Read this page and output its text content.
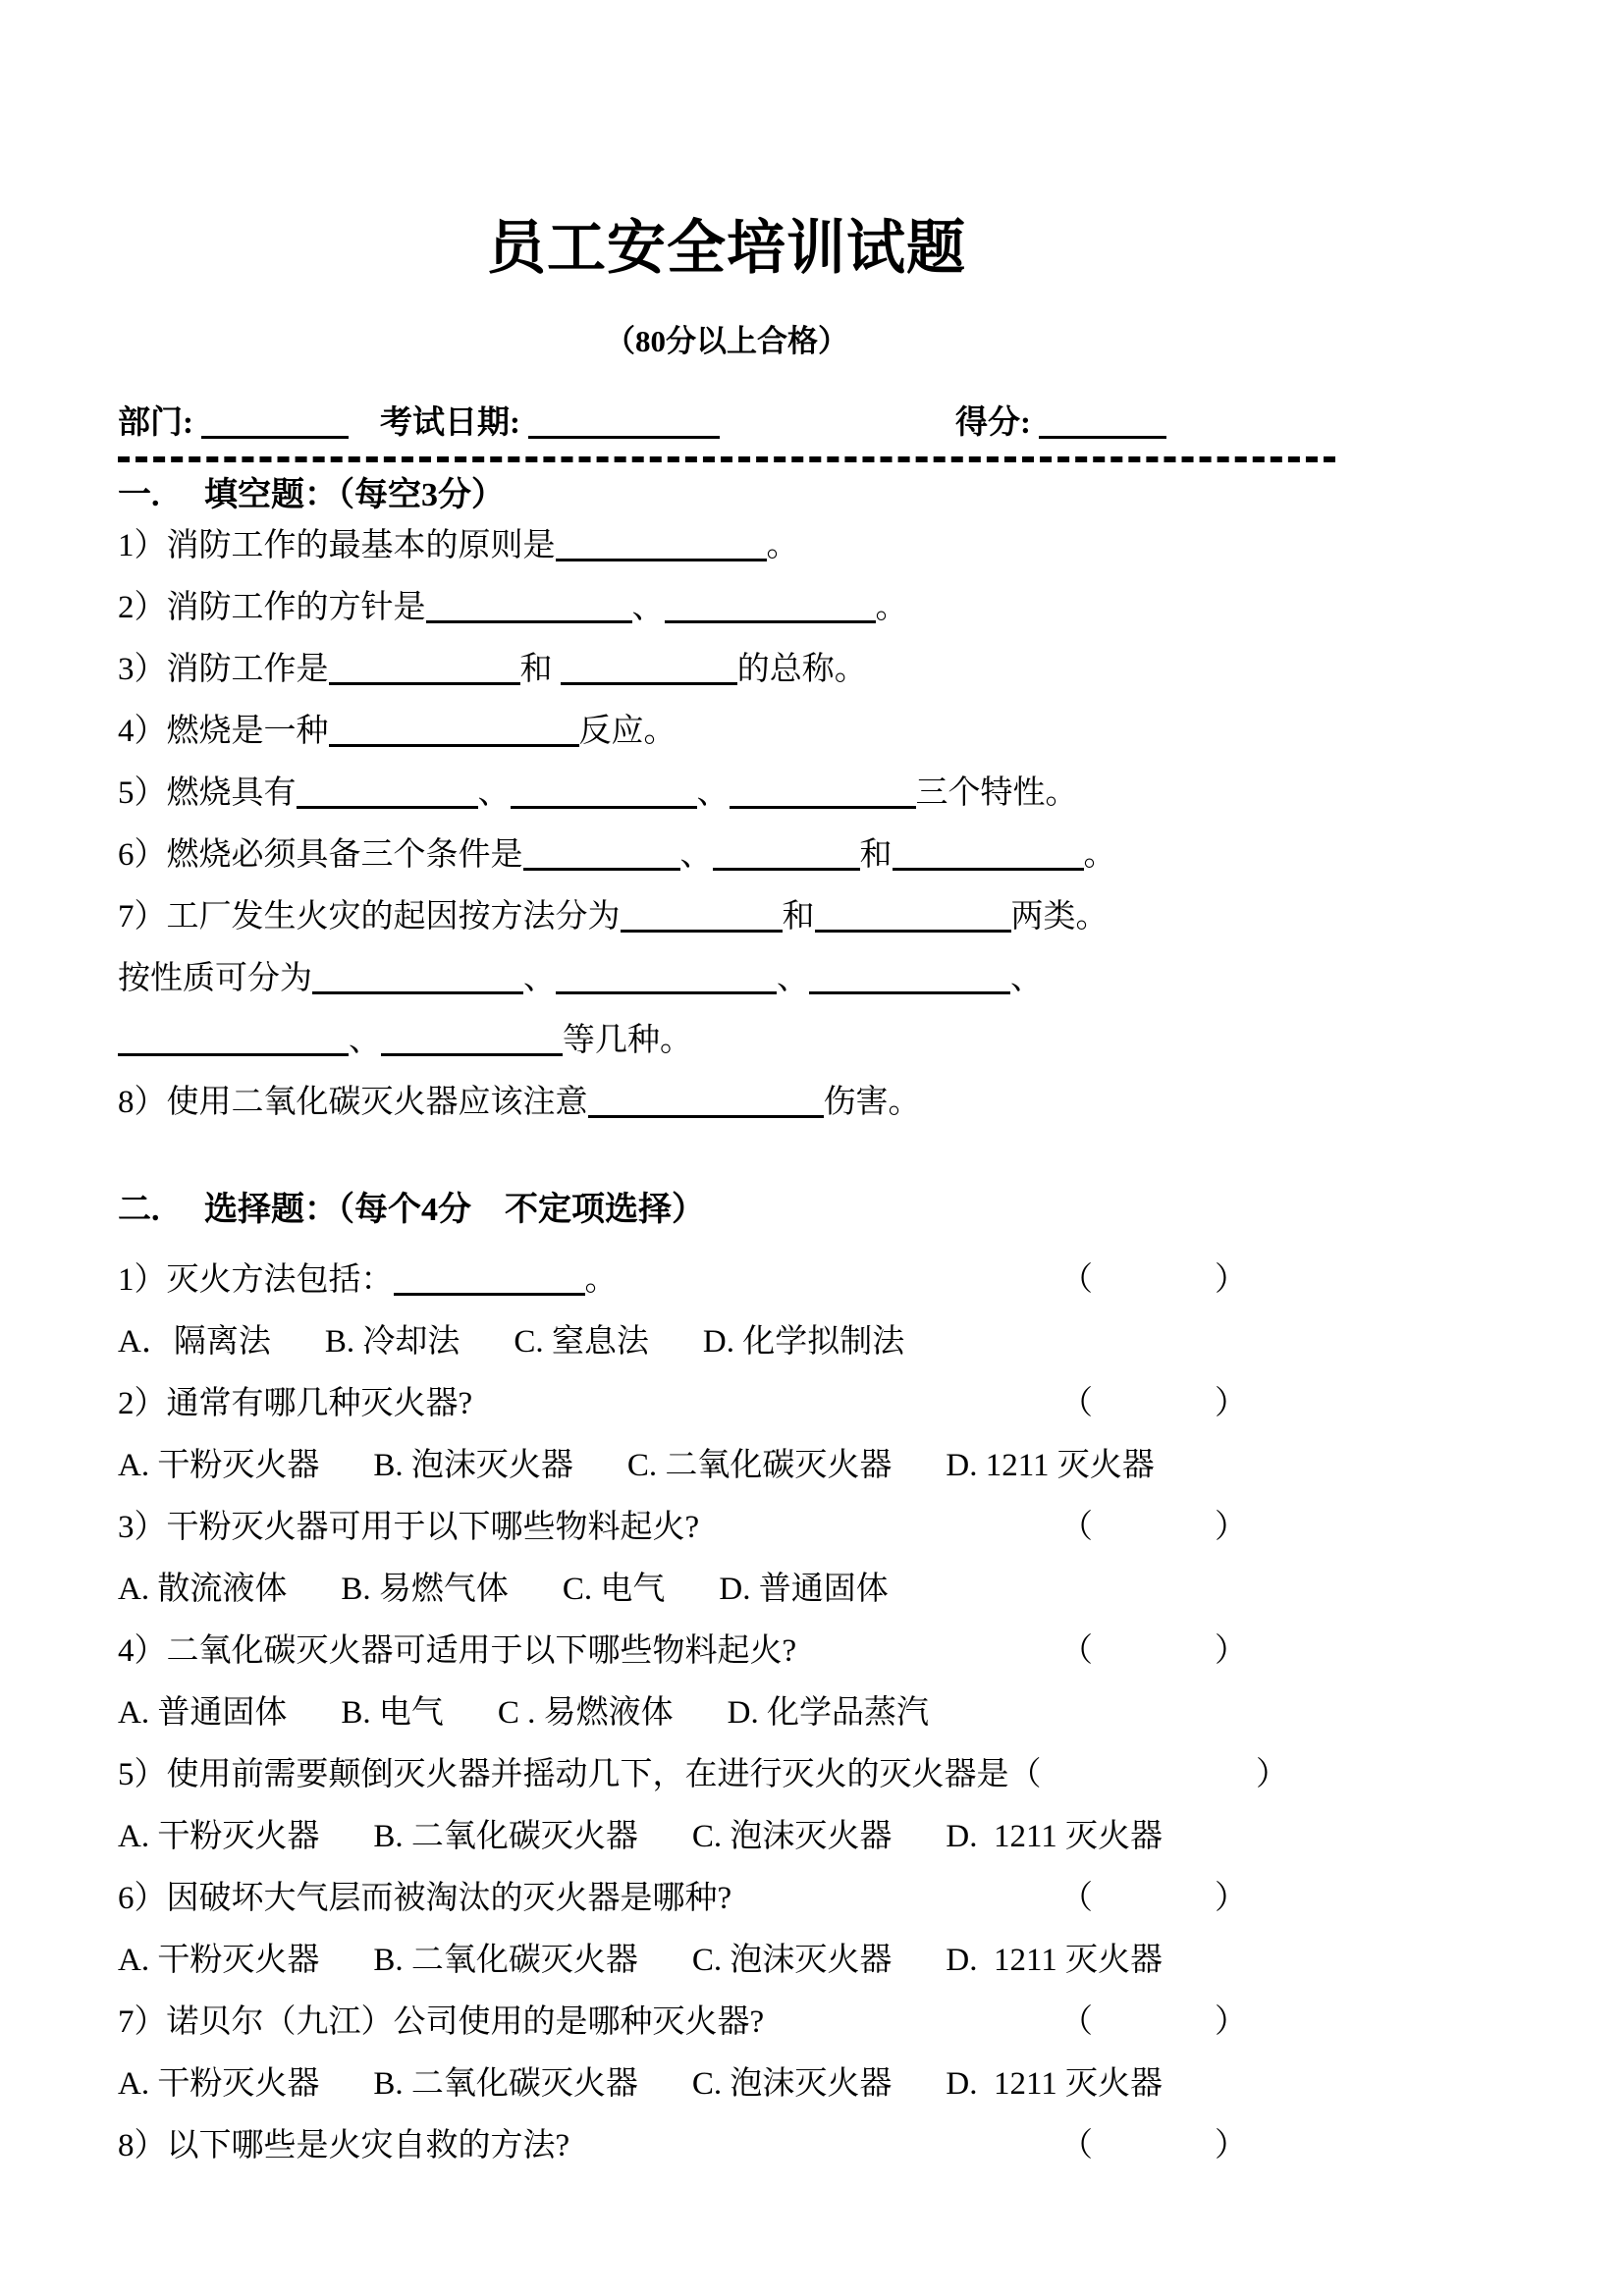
员工安全培训试题
（80分以上合格）
部门:	考试日期:	得分:
一.	填空题：（每空3分）
1）消防工作的最基本的原则是	。
2）消防工作的方针是	、	。
3）消防工作是	和	的总称。
4）燃烧是一种	反应。
5）燃烧具有	、	、	三个特性。
6）燃烧必须具备三个条件是	、	和	。
7）工厂发生火灾的起因按方法分为	和	两类。
按性质可分为	、	、	、
、	等几种。
8）使用二氧化碳灭火器应该注意	伤害。
二.	选择题：（每个4分　不定项选择）
1）灭火方法包括：	。	（	）
A．隔离法 B. 冷却法 C. 窒息法 D. 化学拟制法
2）通常有哪几种灭火器?	（	）
A. 干粉灭火器 B. 泡沫灭火器 C. 二氧化碳灭火器 D. 1211 灭火器
3）干粉灭火器可用于以下哪些物料起火?	（	）
A. 散流液体 B. 易燃气体 C. 电气 D. 普通固体
4）二氧化碳灭火器可适用于以下哪些物料起火?	（	）
A. 普通固体 B. 电气 C . 易燃液体 D. 化学品蒸汽
5）使用前需要颠倒灭火器并摇动几下，在进行灭火的灭火器是（	）
A. 干粉灭火器 B. 二氧化碳灭火器 C. 泡沫灭火器 D.  1211 灭火器
6）因破坏大气层而被淘汰的灭火器是哪种?	（	）
A. 干粉灭火器 B. 二氧化碳灭火器 C. 泡沫灭火器 D.  1211 灭火器
7）诺贝尔（九江）公司使用的是哪种灭火器?	（	）
A. 干粉灭火器 B. 二氧化碳灭火器 C. 泡沫灭火器 D.  1211 灭火器
8）以下哪些是火灾自救的方法?	（	）
